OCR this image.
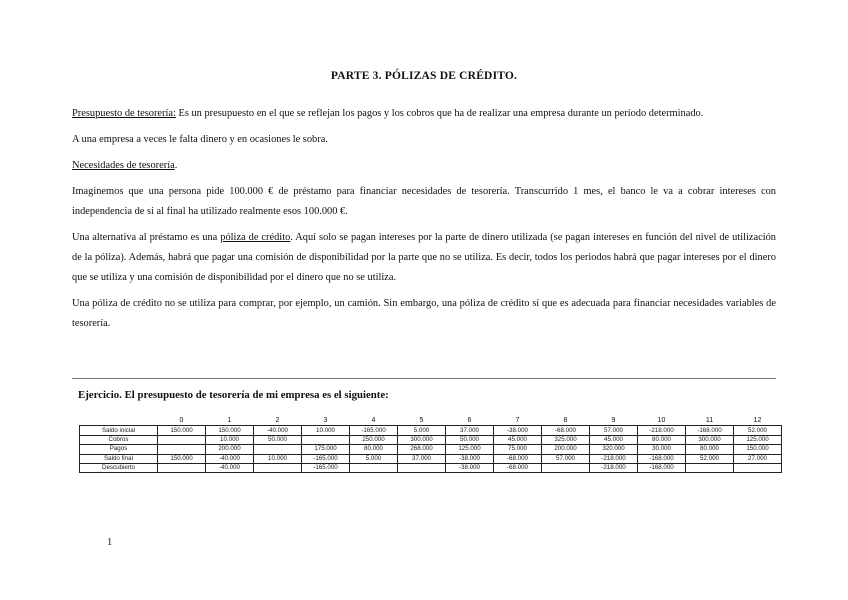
PARTE 3. PÓLIZAS DE CRÉDITO.

Presupuesto de tesorería: Es un presupuesto en el que se reflejan los pagos y los cobros que ha de realizar una empresa durante un periodo determinado.

A una empresa a veces le falta dinero y en ocasiones le sobra.

Necesidades de tesorería.

Imaginemos que una persona pide 100.000 € de préstamo para financiar necesidades de tesorería. Transcurrido 1 mes, el banco le va a cobrar intereses con independencia de si al final ha utilizado realmente esos 100.000 €.

Una alternativa al préstamo es una póliza de crédito. Aquí solo se pagan intereses por la parte de dinero utilizada (se pagan intereses en función del nivel de utilización de la póliza). Además, habrá que pagar una comisión de disponibilidad por la parte que no se utiliza. Es decir, todos los periodos habrá que pagar intereses por el dinero que se utiliza y una comisión de disponibilidad por el dinero que no se utiliza.

Una póliza de crédito no se utiliza para comprar, por ejemplo, un camión. Sin embargo, una póliza de crédito sí que es adecuada para financiar necesidades variables de tesorería.

Ejercicio. El presupuesto de tesorería de mi empresa es el siguiente:
	0	1	2	3	4	5	6	7	8	9	10	11	12
Saldo inicial	150.000	150.000	-40.000	10.000	-165.000	5.000	37.000	-38.000	-68.000	57.000	-218.000	-168.000	52.000
Cobros		10.000	50.000		250.000	300.000	50.000	45.000	325.000	45.000	80.000	300.000	125.000
Pagos		200.000		175.000	80.000	268.000	125.000	75.000	200.000	320.000	30.000	80.000	150.000
Saldo final	150.000	-40.000	10.000	-165.000	5.000	37.000	-38.000	-68.000	57.000	-218.000	-168.000	52.000	27.000
Descubierto		-40.000		-165.000			-38.000	-68.000		-218.000	-168.000		
1
